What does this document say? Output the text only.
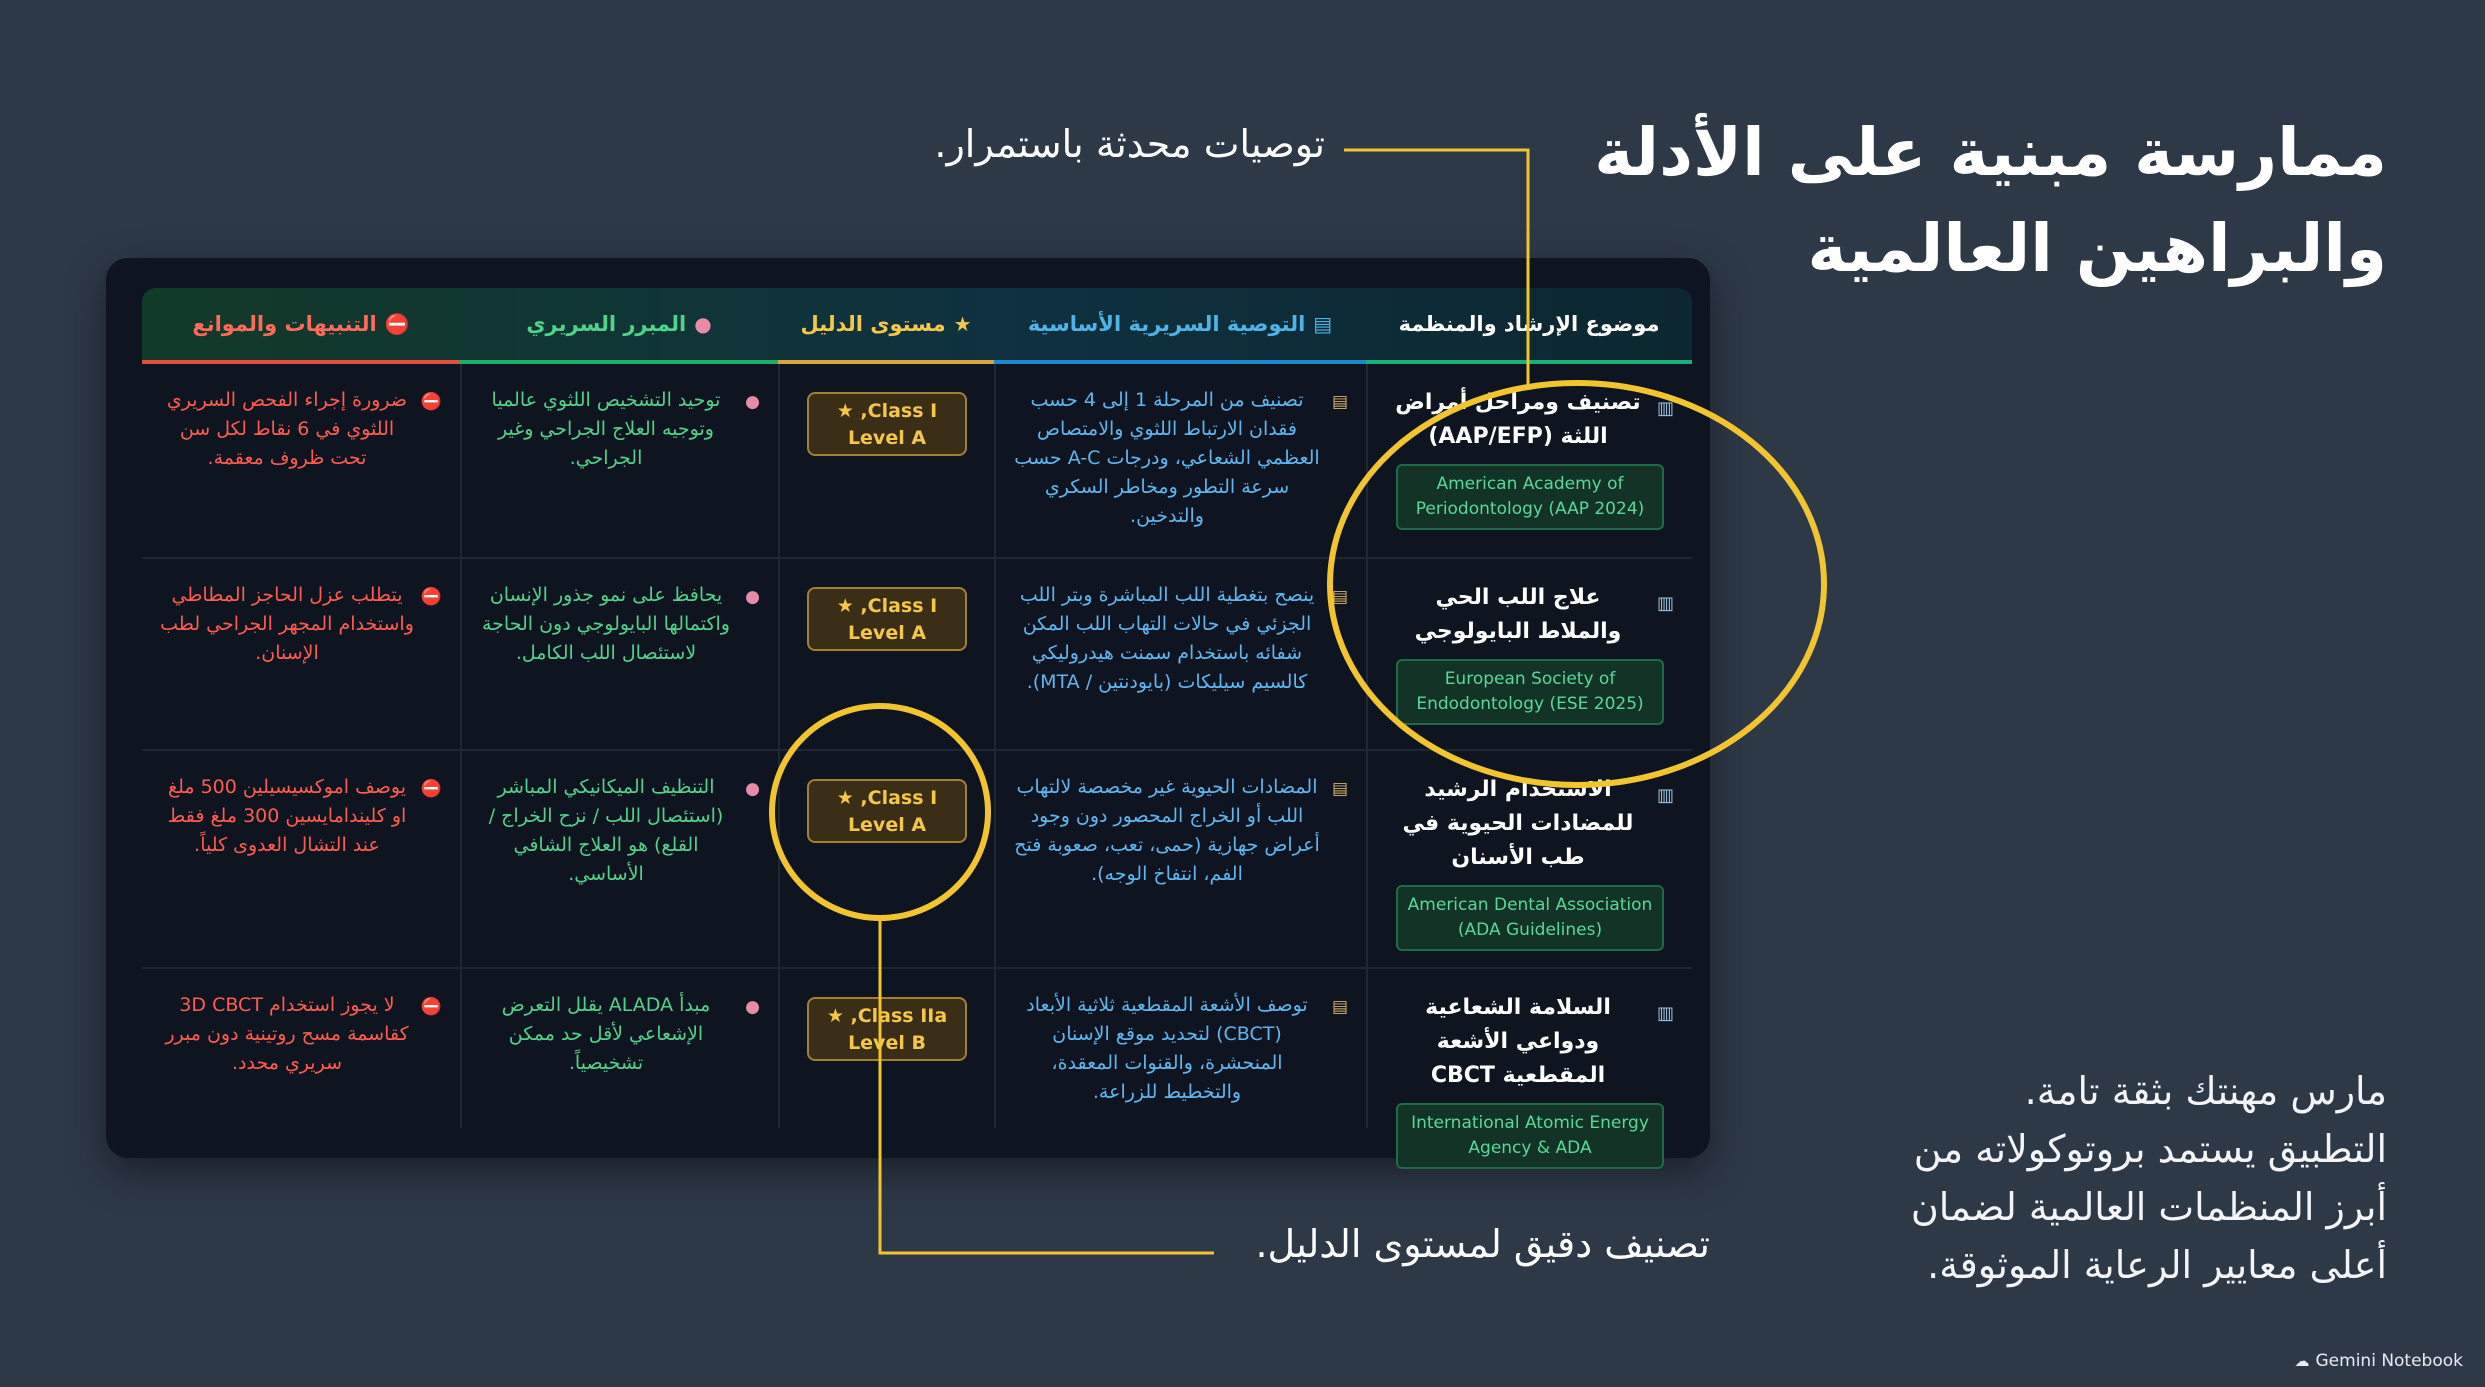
ممارسة مبنية على الأدلة
والبراهين العالمية
توصيات محدثة باستمرار.
تصنيف دقيق لمستوى الدليل.
مارس مهنتك بثقة تامة.
التطبيق يستمد بروتوكولاته من
أبرز المنظمات العالمية لضمان
أعلى معايير الرعاية الموثوقة.
موضوع الإرشاد والمنظمة
▤
التوصية السريرية الأساسية
★
مستوى الدليل
●
المبرر السريري
⛔
التنبيهات والموانع
▥
تصنيف ومراحل أمراض اللثة (AAP/EFP)
American Academy of Periodontology (AAP 2024)
▤
تصنيف من المرحلة 1 إلى 4 حسب فقدان الارتباط اللثوي والامتصاص العظمي الشعاعي، ودرجات A-C حسب سرعة التطور ومخاطر السكري والتدخين.
Class I, ★
Level A
●
توحيد التشخيص اللثوي عالميا وتوجيه العلاج الجراحي وغير الجراحي.
⛔
ضرورة إجراء الفحص السريري اللثوي في 6 نقاط لكل سن تحت ظروف معقمة.
▥
علاج اللب الحي والملاط البايولوجي
European Society of Endodontology (ESE 2025)
▤
ينصح بتغطية اللب المباشرة وبتر اللب الجزئي في حالات التهاب اللب المكن شفائه باستخدام سمنت هيدروليكي كالسيم سيليكات (بايودنتين / MTA).
Class I, ★
Level A
●
يحافظ على نمو جذور الإنسان واكتمالها البايولوجي دون الحاجة لاستئصال اللب الكامل.
⛔
يتطلب عزل الحاجز المطاطي واستخدام المجهر الجراحي لطب الإسنان.
▥
الاستخدام الرشيد للمضادات الحيوية في طب الأسنان
American Dental Association (ADA Guidelines)
▤
المضادات الحيوية غير مخصصة لالتهاب اللب أو الخراج المحصور دون وجود أعراض جهازية (حمى، تعب، صعوبة فتح الفم، انتفاخ الوجه).
Class I, ★
Level A
●
التنظيف الميكانيكي المباشر (استئصال اللب / نزح الخراج / القلع) هو العلاج الشافي الأساسي.
⛔
يوصف اموكسيسيلين 500 ملغ او كليندامايسين 300 ملغ فقط عند التشال العدوى كلياً.
▥
السلامة الشعاعية ودواعي الأشعة المقطعية CBCT
International Atomic Energy Agency & ADA
▤
توصف الأشعة المقطعية ثلاثية الأبعاد (CBCT) لتحديد موقع الإسنان المنحشرة، والقنوات المعقدة، والتخطيط للزراعة.
Class IIa, ★
Level B
●
مبدأ ALADA يقلل التعرض الإشعاعي لأقل حد ممكن تشخيصياً.
⛔
لا يجوز استخدام 3D CBCT كقاسمة مسح روتينية دون مبرر سريري محدد.
☁ Gemini Notebook
